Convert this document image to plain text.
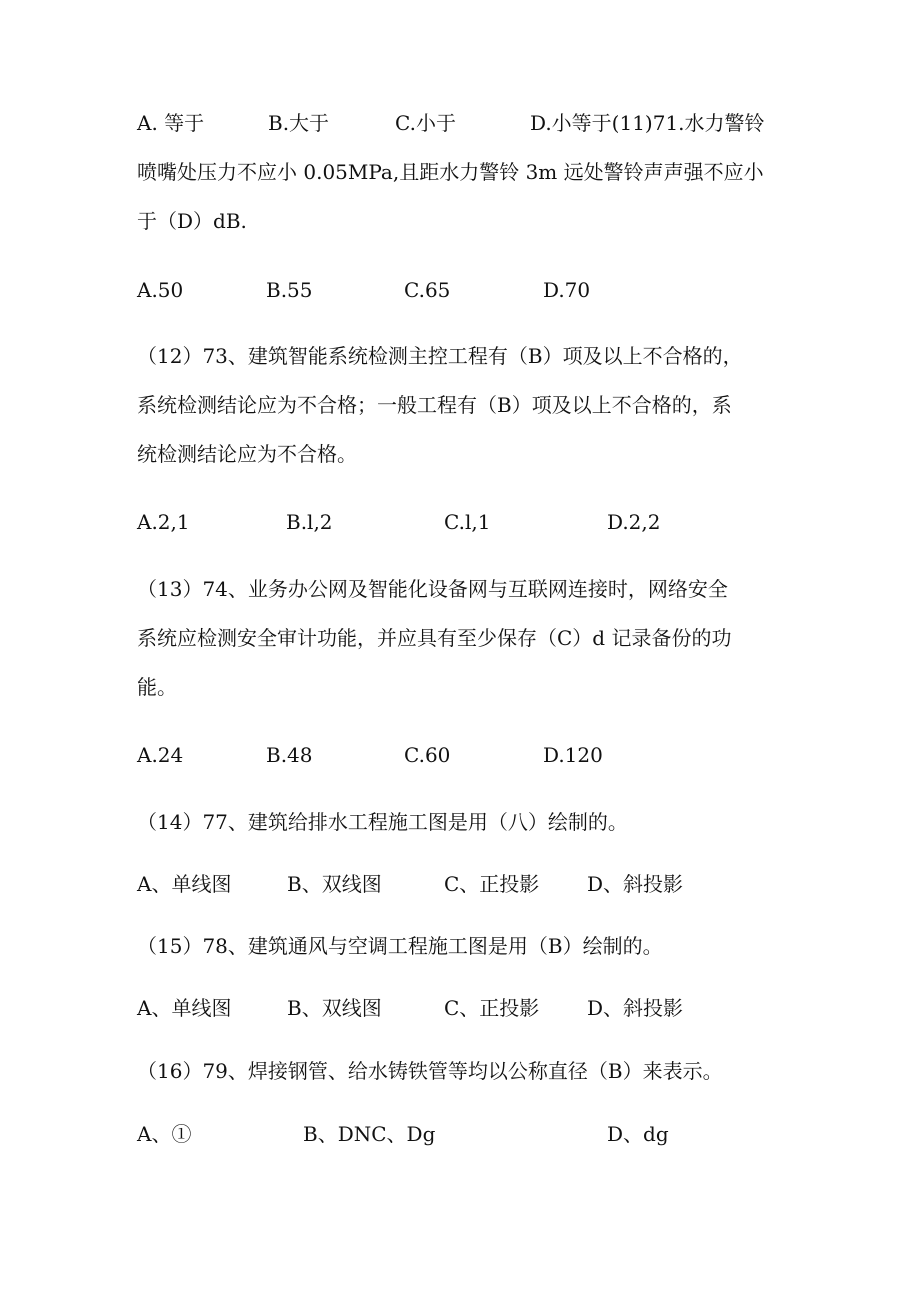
A. 等于	B.大于	C.小于	D.小等于(11)71.水力警铃
喷嘴处压力不应小 0.05MPa,且距水力警铃 3m 远处警铃声声强不应小
于（D）dB.
A.50	B.55	C.65	D.70
（12）73、建筑智能系统检测主控工程有（B）项及以上不合格的，
系统检测结论应为不合格；一般工程有（B）项及以上不合格的，系
统检测结论应为不合格。
A.2,1	B.l,2	C.l,1	D.2,2
（13）74、业务办公网及智能化设备网与互联网连接时，网络安全
系统应检测安全审计功能，并应具有至少保存（C）d 记录备份的功
能。
A.24	B.48	C.60	D.120
（14）77、建筑给排水工程施工图是用（八）绘制的。
A、单线图	B、双线图	C、正投影 D、斜投影
（15）78、建筑通风与空调工程施工图是用（B）绘制的。
A、单线图	B、双线图	C、正投影 D、斜投影
（16）79、焊接钢管、给水铸铁管等均以公称直径（B）来表示。
A、①	B、DNC、Dg	D、dg
